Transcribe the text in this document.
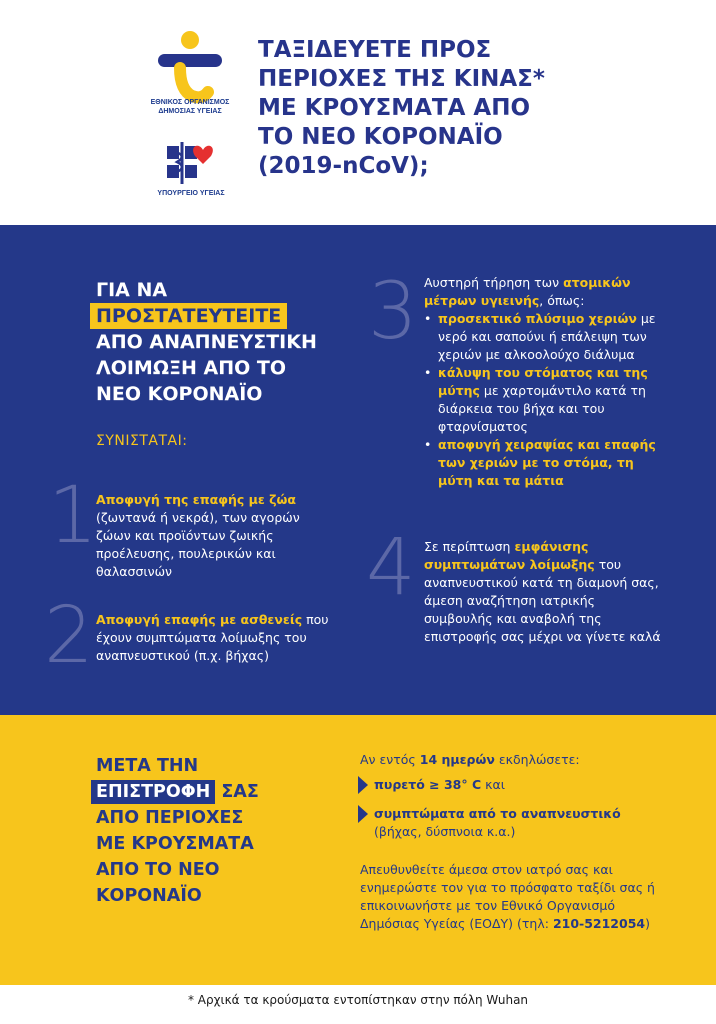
ΕΘΝΙΚΟΣ ΟΡΓΑΝΙΣΜΟΣ
ΔΗΜΟΣΙΑΣ ΥΓΕΙΑΣ
ΥΠΟΥΡΓΕΙΟ ΥΓΕΙΑΣ
ΤΑΞΙΔΕΥΕΤΕ ΠΡΟΣ
ΠΕΡΙΟΧΕΣ ΤΗΣ ΚΙΝΑΣ*
ΜΕ ΚΡΟΥΣΜΑΤΑ ΑΠΟ
ΤΟ ΝΕΟ ΚΟΡΟΝΑΪΟ
(2019-nCoV);
ΓΙΑ ΝΑ
ΠΡΟΣΤΑΤΕΥΤΕΙΤΕ
ΑΠΟ ΑΝΑΠΝΕΥΣΤΙΚΗ
ΛΟΙΜΩΞΗ ΑΠΟ ΤΟ
ΝΕΟ ΚΟΡΟΝΑΪΟ
ΣΥΝΙΣΤΑΤΑΙ:
1
Αποφυγή της επαφής με ζώα (ζωντανά ή νεκρά), των αγορών ζώων και προϊόντων ζωικής προέλευσης, πουλερικών και θαλασσινών
2 Αποφυγή επαφής με ασθενείς που έχουν συμπτώματα λοίμωξης του αναπνευστικού (π.χ. βήχας)
3 Αυστηρή τήρηση των ατομικών μέτρων υγιεινής, όπως:
• προσεκτικό πλύσιμο χεριών με νερό και σαπούνι ή επάλειψη των χεριών με αλκοολούχο διάλυμα
• κάλυψη του στόματος και της μύτης με χαρτομάντιλο κατά τη διάρκεια του βήχα και του φταρνίσματος
• αποφυγή χειραψίας και επαφής των χεριών με το στόμα, τη μύτη και τα μάτια
4 Σε περίπτωση εμφάνισης συμπτωμάτων λοίμωξης του αναπνευστικού κατά τη διαμονή σας, άμεση αναζήτηση ιατρικής συμβουλής και αναβολή της επιστροφής σας μέχρι να γίνετε καλά
ΜΕΤΑ ΤΗΝ
ΕΠΙΣΤΡΟΦΗ ΣΑΣ
ΑΠΟ ΠΕΡΙΟΧΕΣ
ΜΕ ΚΡΟΥΣΜΑΤΑ
ΑΠΟ ΤΟ ΝΕΟ
ΚΟΡΟΝΑΪΟ
Αν εντός 14 ημερών εκδηλώσετε:
πυρετό ≥ 38° C και
συμπτώματα από το αναπνευστικό
(βήχας, δύσπνοια κ.α.)
Απευθυνθείτε άμεσα στον ιατρό σας και ενημερώστε τον για το πρόσφατο ταξίδι σας ή επικοινωνήστε με τον Εθνικό Οργανισμό Δημόσιας Υγείας (ΕΟΔΥ) (τηλ: 210-5212054)
* Αρχικά τα κρούσματα εντοπίστηκαν στην πόλη Wuhan
